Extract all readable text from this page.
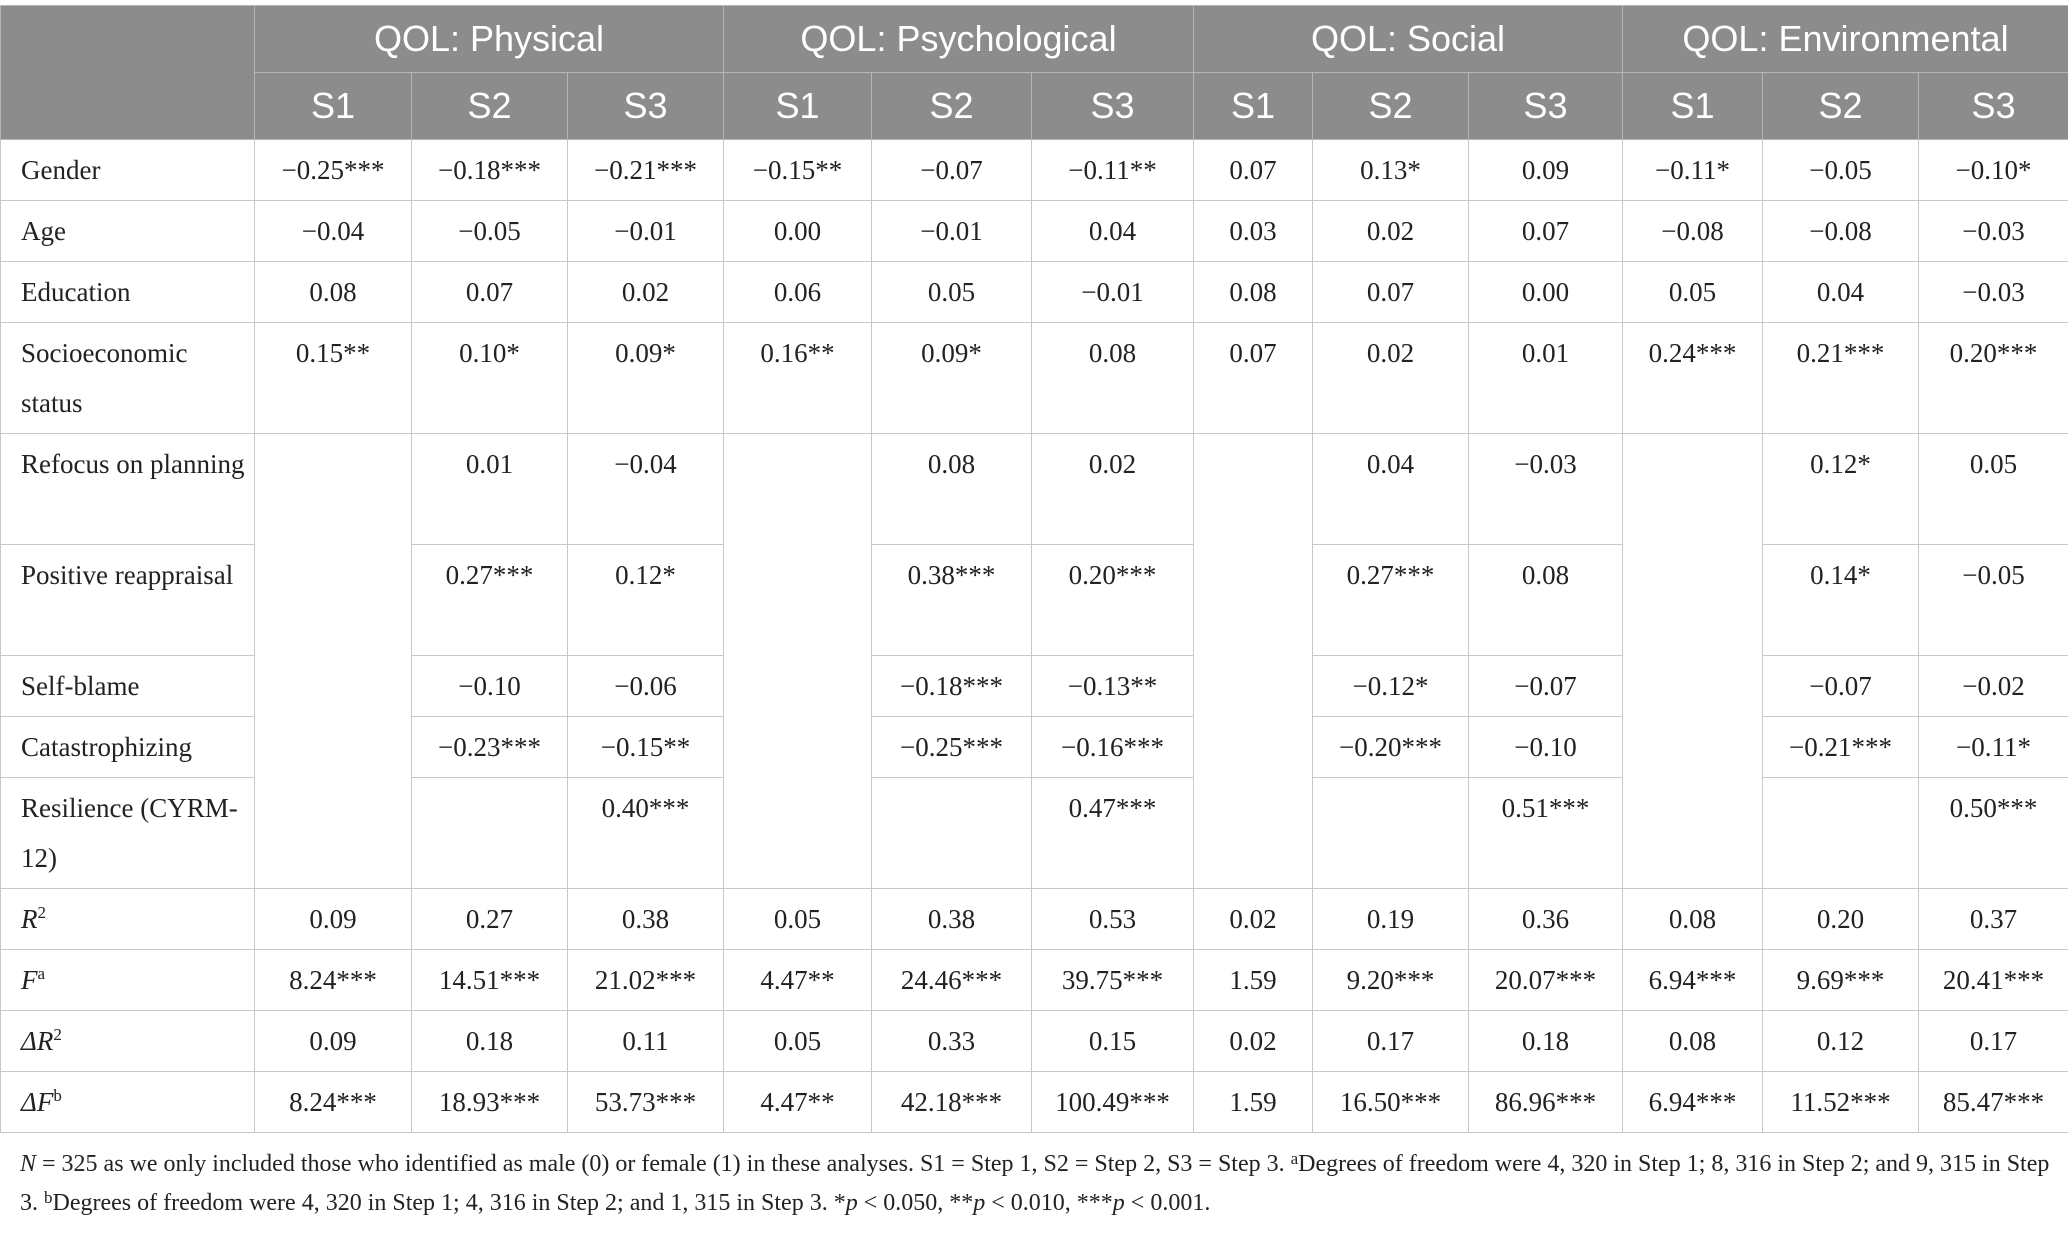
	QOL: Physical			QOL: Psychological			QOL: Social			QOL: Environmental		
	S1	S2	S3	S1	S2	S3	S1	S2	S3	S1	S2	S3
Gender	−0.25***	−0.18***	−0.21***	−0.15**	−0.07	−0.11**	0.07	0.13*	0.09	−0.11*	−0.05	−0.10*
Age	−0.04	−0.05	−0.01	0.00	−0.01	0.04	0.03	0.02	0.07	−0.08	−0.08	−0.03
Education	0.08	0.07	0.02	0.06	0.05	−0.01	0.08	0.07	0.00	0.05	0.04	−0.03
Socioeconomic status	0.15**	0.10*	0.09*	0.16**	0.09*	0.08	0.07	0.02	0.01	0.24***	0.21***	0.20***
Refocus on planning		0.01	−0.04		0.08	0.02		0.04	−0.03		0.12*	0.05
Positive reappraisal		0.27***	0.12*		0.38***	0.20***		0.27***	0.08		0.14*	−0.05
Self-blame		−0.10	−0.06		−0.18***	−0.13**		−0.12*	−0.07		−0.07	−0.02
Catastrophizing		−0.23***	−0.15**		−0.25***	−0.16***		−0.20***	−0.10		−0.21***	−0.11*
Resilience (CYRM-12)			0.40***			0.47***			0.51***			0.50***
$R^2$	0.09	0.27	0.38	0.05	0.38	0.53	0.02	0.19	0.36	0.08	0.20	0.37
$F^a$	8.24***	14.51***	21.02***	4.47**	24.46***	39.75***	1.59	9.20***	20.07***	6.94***	9.69***	20.41***
$\Delta R^2$	0.09	0.18	0.11	0.05	0.33	0.15	0.02	0.17	0.18	0.08	0.12	0.17
$\Delta F^b$	8.24***	18.93***	53.73***	4.47**	42.18***	100.49***	1.59	16.50***	86.96***	6.94***	11.52***	85.47***

N = 325 as we only included those who identified as male (0) or female (1) in these analyses. S1 = Step 1, S2 = Step 2, S3 = Step 3. $^a$Degrees of freedom were 4, 320 in Step 1; 8, 316 in Step 2; and 9, 315 in Step 3. $^b$Degrees of freedom were 4, 320 in Step 1; 4, 316 in Step 2; and 1, 315 in Step 3. *p < 0.050, **p < 0.010, ***p < 0.001.
